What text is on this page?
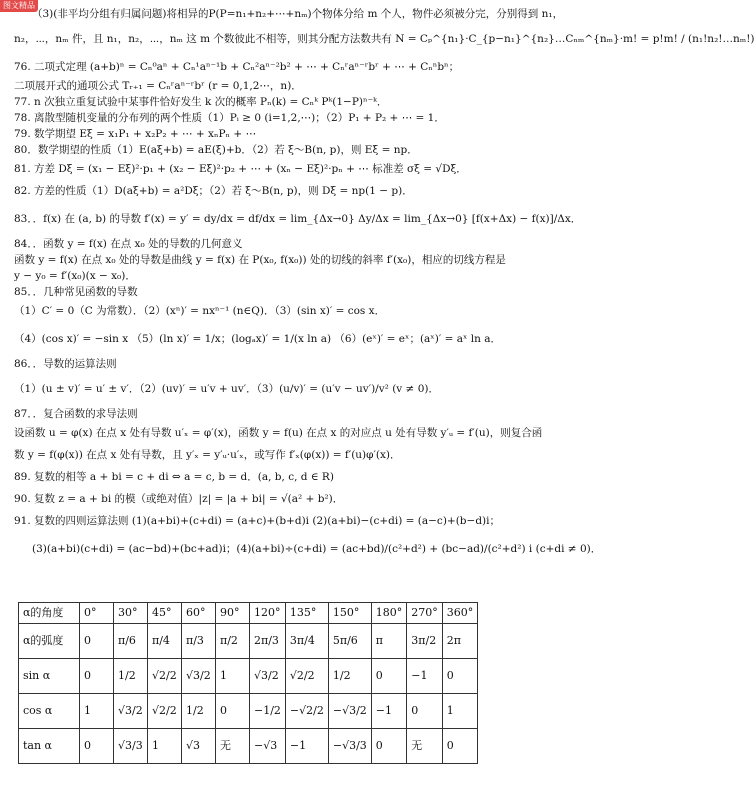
图文精品
（3)(非平均分组有归属问题)将相异的P(P=n₁+n₂+⋯+nₘ)个物体分给 m 个人，物件必须被分完，分别得到 n₁，
n₂，⋯，nₘ 件，且 n₁，n₂，⋯，nₘ 这 m 个数彼此不相等，则其分配方法数共有 N = Cₚ^{n₁}·C_{p−n₁}^{n₂}…Cₙₘ^{nₘ}·m! = p!m! / (n₁!n₂!…nₘ!)
76. 二项式定理 (a+b)ⁿ = Cₙ⁰aⁿ + Cₙ¹aⁿ⁻¹b + Cₙ²aⁿ⁻²b² + ⋯ + Cₙʳaⁿ⁻ʳbʳ + ⋯ + Cₙⁿbⁿ；
二项展开式的通项公式 Tᵣ₊₁ = Cₙʳaⁿ⁻ʳbʳ (r = 0,1,2⋯，n)．
77. n 次独立重复试验中某事件恰好发生 k 次的概率 Pₙ(k) = Cₙᵏ Pᵏ(1−P)ⁿ⁻ᵏ．
78. 离散型随机变量的分布列的两个性质（1）Pᵢ ≥ 0 (i=1,2,⋯)；（2）P₁ + P₂ + ⋯ = 1．
79. 数学期望 Eξ = x₁P₁ + x₂P₂ + ⋯ + xₙPₙ + ⋯
80．数学期望的性质（1）E(aξ+b) = aE(ξ)+b．（2）若 ξ～B(n, p)，则 Eξ = np．
81. 方差 Dξ = (x₁ − Eξ)²·p₁ + (x₂ − Eξ)²·p₂ + ⋯ + (xₙ − Eξ)²·pₙ + ⋯ 标准差 σξ = √Dξ．
82. 方差的性质（1）D(aξ+b) = a²Dξ；（2）若 ξ～B(n, p)，则 Dξ = np(1 − p)．
83．．f(x) 在 (a, b) 的导数 f′(x) = y′ = dy/dx = df/dx = lim_{Δx→0} Δy/Δx = lim_{Δx→0} [f(x+Δx) − f(x)]/Δx．
84．．函数 y = f(x) 在点 x₀ 处的导数的几何意义
函数 y = f(x) 在点 x₀ 处的导数是曲线 y = f(x) 在 P(x₀, f(x₀)) 处的切线的斜率 f′(x₀)，相应的切线方程是
y − y₀ = f′(x₀)(x − x₀)．
85．．几种常见函数的导数
（1）C′ = 0（C 为常数）．（2）(xⁿ)′ = nxⁿ⁻¹ (n∈Q)．（3）(sin x)′ = cos x．
（4）(cos x)′ = −sin x （5）(ln x)′ = 1/x；(logₐx)′ = 1/(x ln a) （6）(eˣ)′ = eˣ；(aˣ)′ = aˣ ln a．
86．．导数的运算法则
（1）(u ± v)′ = u′ ± v′．（2）(uv)′ = u′v + uv′．（3）(u/v)′ = (u′v − uv′)/v² (v ≠ 0)．
87．．复合函数的求导法则
设函数 u = φ(x) 在点 x 处有导数 u′ₓ = φ′(x)，函数 y = f(u) 在点 x 的对应点 u 处有导数 y′ᵤ = f′(u)，则复合函
数 y = f(φ(x)) 在点 x 处有导数，且 y′ₓ = y′ᵤ·u′ₓ，或写作 f′ₓ(φ(x)) = f′(u)φ′(x)．
89. 复数的相等 a + bi = c + di ⇔ a = c, b = d．(a, b, c, d ∈ R)
90. 复数 z = a + bi 的模（或绝对值）|z| = |a + bi| = √(a² + b²)．
91. 复数的四则运算法则 (1)(a+bi)+(c+di) = (a+c)+(b+d)i (2)(a+bi)−(c+di) = (a−c)+(b−d)i；
(3)(a+bi)(c+di) = (ac−bd)+(bc+ad)i；(4)(a+bi)÷(c+di) = (ac+bd)/(c²+d²) + (bc−ad)/(c²+d²) i (c+di ≠ 0)．
α的角度	0°	30°	45°	60°	90°	120°	135°	150°	180°	270°	360°
α的弧度	0	π/6	π/4	π/3	π/2	2π/3	3π/4	5π/6	π	3π/2	2π
sin α	0	1/2	√2/2	√3/2	1	√3/2	√2/2	1/2	0	−1	0
cos α	1	√3/2	√2/2	1/2	0	−1/2	−√2/2	−√3/2	−1	0	1
tan α	0	√3/3	1	√3	无	−√3	−1	−√3/3	0	无	0
